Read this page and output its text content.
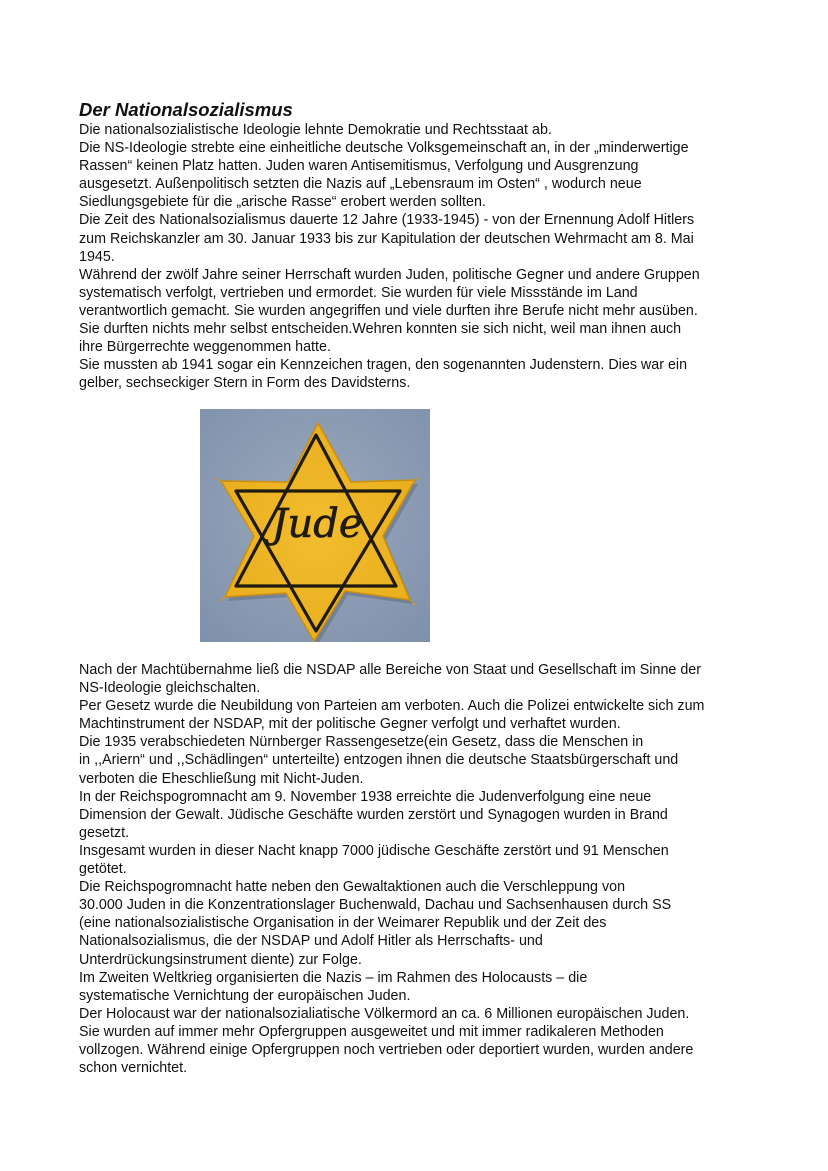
Der Nationalsozialismus
Die nationalsozialistische Ideologie lehnte Demokratie und Rechtsstaat ab.
Die NS-Ideologie strebte eine einheitliche deutsche Volksgemeinschaft an, in der „minderwertige
Rassen“ keinen Platz hatten. Juden waren Antisemitismus, Verfolgung und Ausgrenzung
ausgesetzt. Außenpolitisch setzten die Nazis auf „Lebensraum im Osten“ , wodurch neue
Siedlungsgebiete für die „arische Rasse“ erobert werden sollten.
Die Zeit des Nationalsozialismus dauerte 12 Jahre (1933-1945) - von der Ernennung Adolf Hitlers
zum Reichskanzler am 30. Januar 1933 bis zur Kapitulation der deutschen Wehrmacht am 8. Mai
1945.
Während der zwölf Jahre seiner Herrschaft wurden Juden, politische Gegner und andere Gruppen
systematisch verfolgt, vertrieben und ermordet. Sie wurden für viele Missstände im Land
verantwortlich gemacht. Sie wurden angegriffen und viele durften ihre Berufe nicht mehr ausüben.
Sie durften nichts mehr selbst entscheiden.Wehren konnten sie sich nicht, weil man ihnen auch
ihre Bürgerrechte weggenommen hatte.
Sie mussten ab 1941 sogar ein Kennzeichen tragen, den sogenannten Judenstern. Dies war ein
gelber, sechseckiger Stern in Form des Davidsterns.
Jude
Nach der Machtübernahme ließ die NSDAP alle Bereiche von Staat und Gesellschaft im Sinne der
NS-Ideologie gleichschalten.
Per Gesetz wurde die Neubildung von Parteien am verboten. Auch die Polizei entwickelte sich zum
Machtinstrument der NSDAP, mit der politische Gegner verfolgt und verhaftet wurden.
Die 1935 verabschiedeten Nürnberger Rassengesetze(ein Gesetz, dass die Menschen in
in ,,Ariern“ und ,,Schädlingen“ unterteilte) entzogen ihnen die deutsche Staatsbürgerschaft und
verboten die Eheschließung mit Nicht-Juden.
In der Reichspogromnacht am 9. November 1938 erreichte die Judenverfolgung eine neue
Dimension der Gewalt. Jüdische Geschäfte wurden zerstört und Synagogen wurden in Brand
gesetzt.
Insgesamt wurden in dieser Nacht knapp 7000 jüdische Geschäfte zerstört und 91 Menschen
getötet.
Die Reichspogromnacht hatte neben den Gewaltaktionen auch die Verschleppung von
30.000 Juden in die Konzentrationslager Buchenwald, Dachau und Sachsenhausen durch SS
(eine nationalsozialistische Organisation in der Weimarer Republik und der Zeit des
Nationalsozialismus, die der NSDAP und Adolf Hitler als Herrschafts- und
Unterdrückungsinstrument diente) zur Folge.
Im Zweiten Weltkrieg organisierten die Nazis – im Rahmen des Holocausts – die
systematische Vernichtung der europäischen Juden.
Der Holocaust war der nationalsozialiatische Völkermord an ca. 6 Millionen europäischen Juden.
Sie wurden auf immer mehr Opfergruppen ausgeweitet und mit immer radikaleren Methoden
vollzogen. Während einige Opfergruppen noch vertrieben oder deportiert wurden, wurden andere
schon vernichtet.
